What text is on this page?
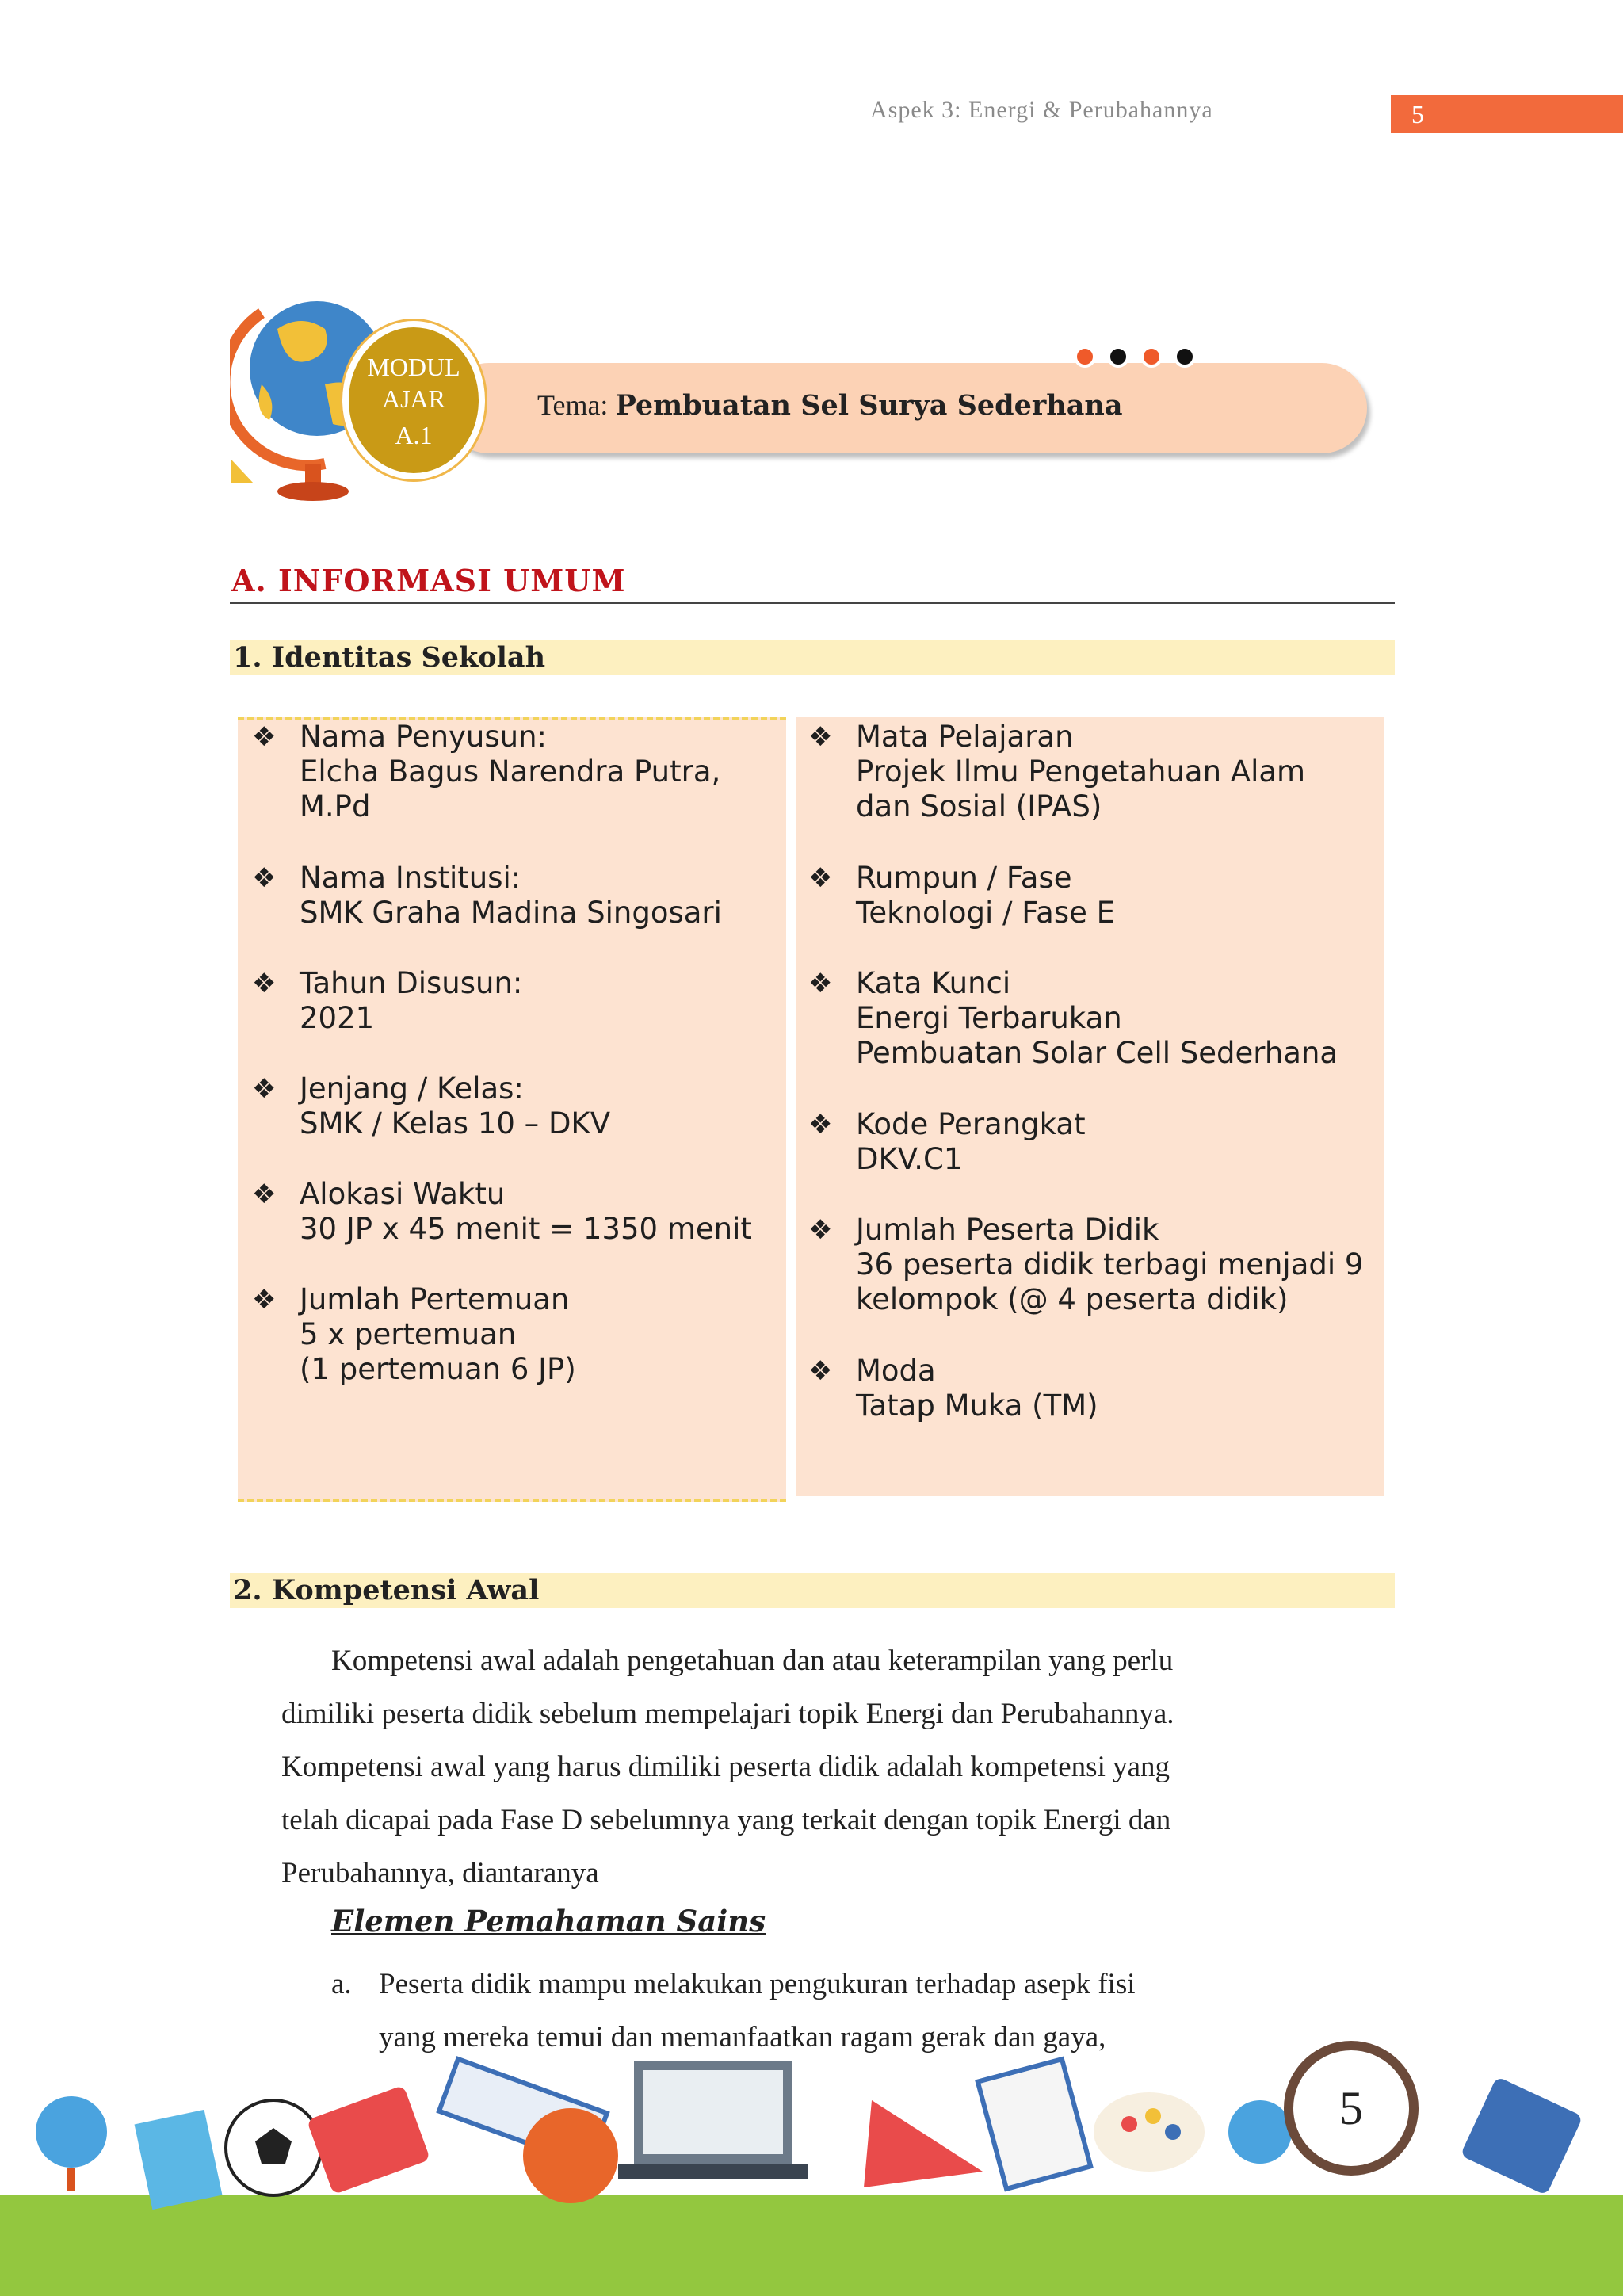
Aspek 3: Energi & Perubahannya	5
MODUL
AJAR
A.1
Tema: Pembuatan Sel Surya Sederhana
A. INFORMASI UMUM
1. Identitas Sekolah
❖ Nama Penyusun:
Elcha Bagus Narendra Putra,
M.Pd
❖ Nama Institusi:
SMK Graha Madina Singosari
❖ Tahun Disusun:
2021
❖ Jenjang / Kelas:
SMK / Kelas 10 – DKV
❖ Alokasi Waktu
30 JP x 45 menit = 1350 menit
❖ Jumlah Pertemuan
5 x pertemuan
(1 pertemuan 6 JP)
❖ Mata Pelajaran
Projek Ilmu Pengetahuan Alam
dan Sosial (IPAS)
❖ Rumpun / Fase
Teknologi / Fase E
❖ Kata Kunci
Energi Terbarukan
Pembuatan Solar Cell Sederhana
❖ Kode Perangkat
DKV.C1
❖ Jumlah Peserta Didik
36 peserta didik terbagi menjadi 9
kelompok (@ 4 peserta didik)
❖ Moda
Tatap Muka (TM)
2. Kompetensi Awal
Kompetensi awal adalah pengetahuan dan atau keterampilan yang perlu
dimiliki peserta didik sebelum mempelajari topik Energi dan Perubahannya.
Kompetensi awal yang harus dimiliki peserta didik adalah kompetensi yang
telah dicapai pada Fase D sebelumnya yang terkait dengan topik Energi dan
Perubahannya, diantaranya
Elemen Pemahaman Sains
a. Peserta didik mampu melakukan pengukuran terhadap asepk fisi
yang mereka temui dan memanfaatkan ragam gerak dan gaya,
5
